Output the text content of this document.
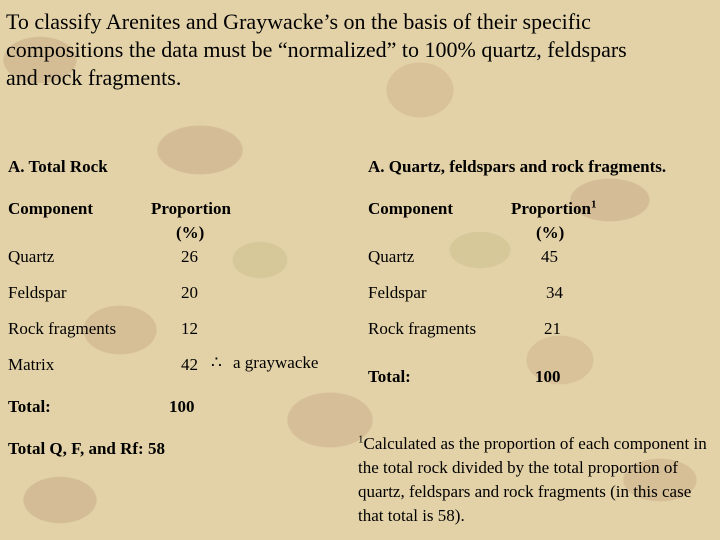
To classify Arenites and Graywacke’s on the basis of their specific
compositions the data must be “normalized” to 100% quartz, feldspars
and rock fragments.
A. Total Rock
Component	Proportion
(%)
Quartz	26
Feldspar	20
Rock fragments	12
Matrix	42 ∴ a graywacke
Total:	100
Total Q, F, and Rf: 58
A. Quartz, feldspars and rock fragments.
Component	Proportion$^1$
(%)
Quartz	45
Feldspar	34
Rock fragments	21
Total:	100
$^1$Calculated as the proportion of each component in the total rock divided by the total proportion of quartz, feldspars and rock fragments (in this case that total is 58).
